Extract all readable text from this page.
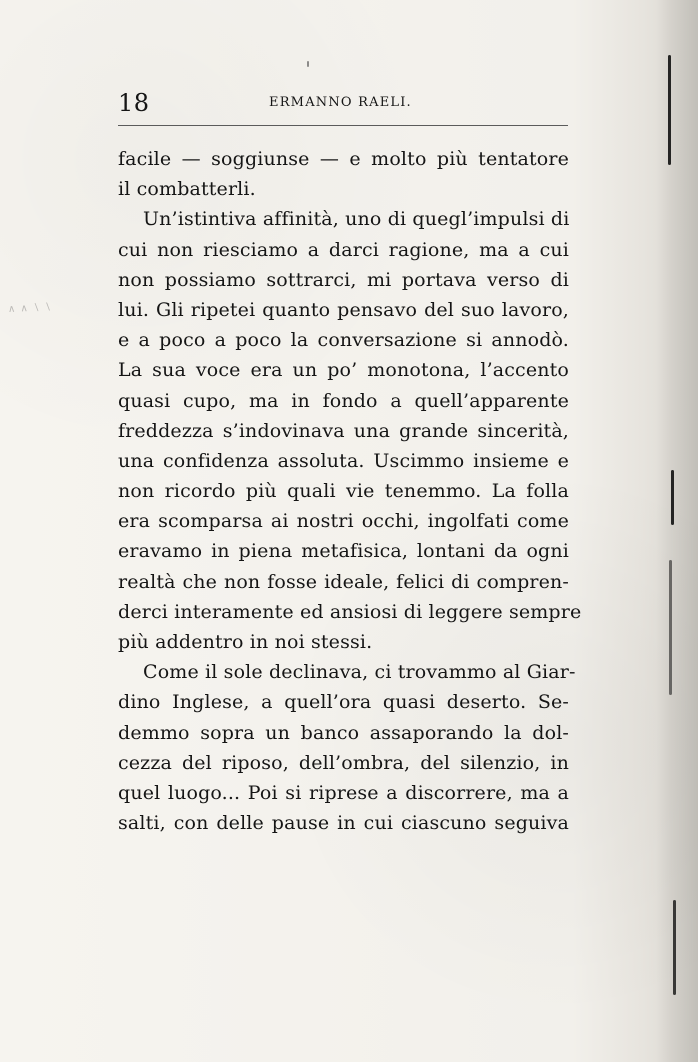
∧ ∧ ∖ ∖
18	ERMANNO RAELI.
facile — soggiunse — e molto più tentatore
il combatterli.
Un’istintiva affinità, uno di quegl’impulsi di
cui non riesciamo a darci ragione, ma a cui
non possiamo sottrarci, mi portava verso di
lui. Gli ripetei quanto pensavo del suo lavoro,
e a poco a poco la conversazione si annodò.
La sua voce era un po’ monotona, l’accento
quasi cupo, ma in fondo a quell’apparente
freddezza s’indovinava una grande sincerità,
una confidenza assoluta. Uscimmo insieme e
non ricordo più quali vie tenemmo. La folla
era scomparsa ai nostri occhi, ingolfati come
eravamo in piena metafisica, lontani da ogni
realtà che non fosse ideale, felici di compren-
derci interamente ed ansiosi di leggere sempre
più addentro in noi stessi.
Come il sole declinava, ci trovammo al Giar-
dino Inglese, a quell’ora quasi deserto. Se-
demmo sopra un banco assaporando la dol-
cezza del riposo, dell’ombra, del silenzio, in
quel luogo... Poi si riprese a discorrere, ma a
salti, con delle pause in cui ciascuno seguiva
